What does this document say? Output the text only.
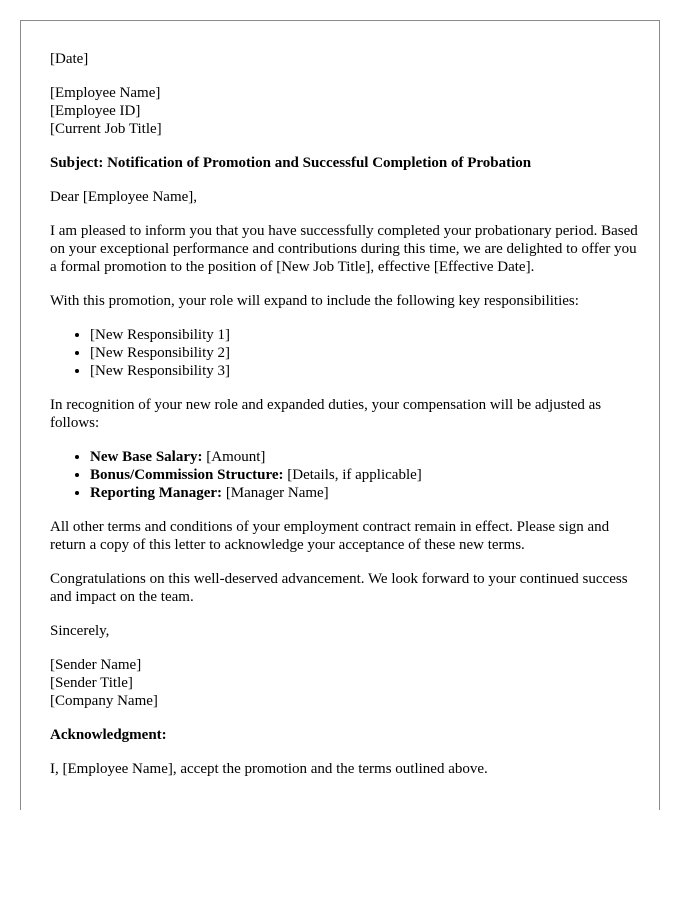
[Date]

[Employee Name]

[Employee ID]

[Current Job Title]

Subject: Notification of Promotion and Successful Completion of Probation

Dear [Employee Name],

I am pleased to inform you that you have successfully completed your probationary period. Based on your exceptional performance and contributions during this time, we are delighted to offer you a formal promotion to the position of [New Job Title], effective [Effective Date].

With this promotion, your role will expand to include the following key responsibilities:

• [New Responsibility 1]
• [New Responsibility 2]
• [New Responsibility 3]

In recognition of your new role and expanded duties, your compensation will be adjusted as follows:

• New Base Salary: [Amount]
• Bonus/Commission Structure: [Details, if applicable]
• Reporting Manager: [Manager Name]

All other terms and conditions of your employment contract remain in effect. Please sign and return a copy of this letter to acknowledge your acceptance of these new terms.

Congratulations on this well-deserved advancement. We look forward to your continued success and impact on the team.

Sincerely,

[Sender Name]

[Sender Title]

[Company Name]

Acknowledgment:

I, [Employee Name], accept the promotion and the terms outlined above.
